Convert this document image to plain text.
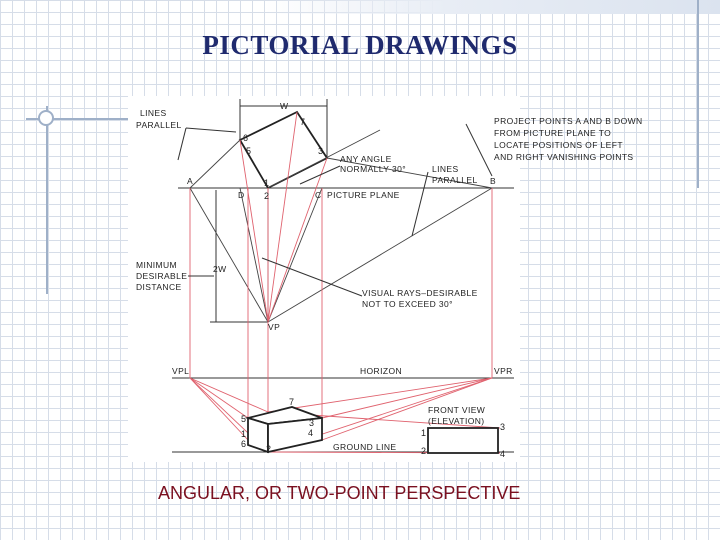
PICTORIAL DRAWINGS
LINES
PARALLEL
W
PROJECT POINTS A AND B DOWN
FROM PICTURE PLANE TO
LOCATE POSITIONS OF LEFT
AND RIGHT VANISHING POINTS
ANY ANGLE
NORMALLY 30°	LINES
PARALLEL
A	B
D	C PICTURE PLANE
MINIMUM
DESIRABLE
DISTANCE
2W
VISUAL RAYS–DESIRABLE
NOT TO EXCEED 30°
VP
VPL	HORIZON	VPR
FRONT VIEW
(ELEVATION)
GROUND LINE
1
2
3
5
6
7
7
5	3
1	4
6 2
1
3
2	4
ANGULAR, OR TWO-POINT PERSPECTIVE
